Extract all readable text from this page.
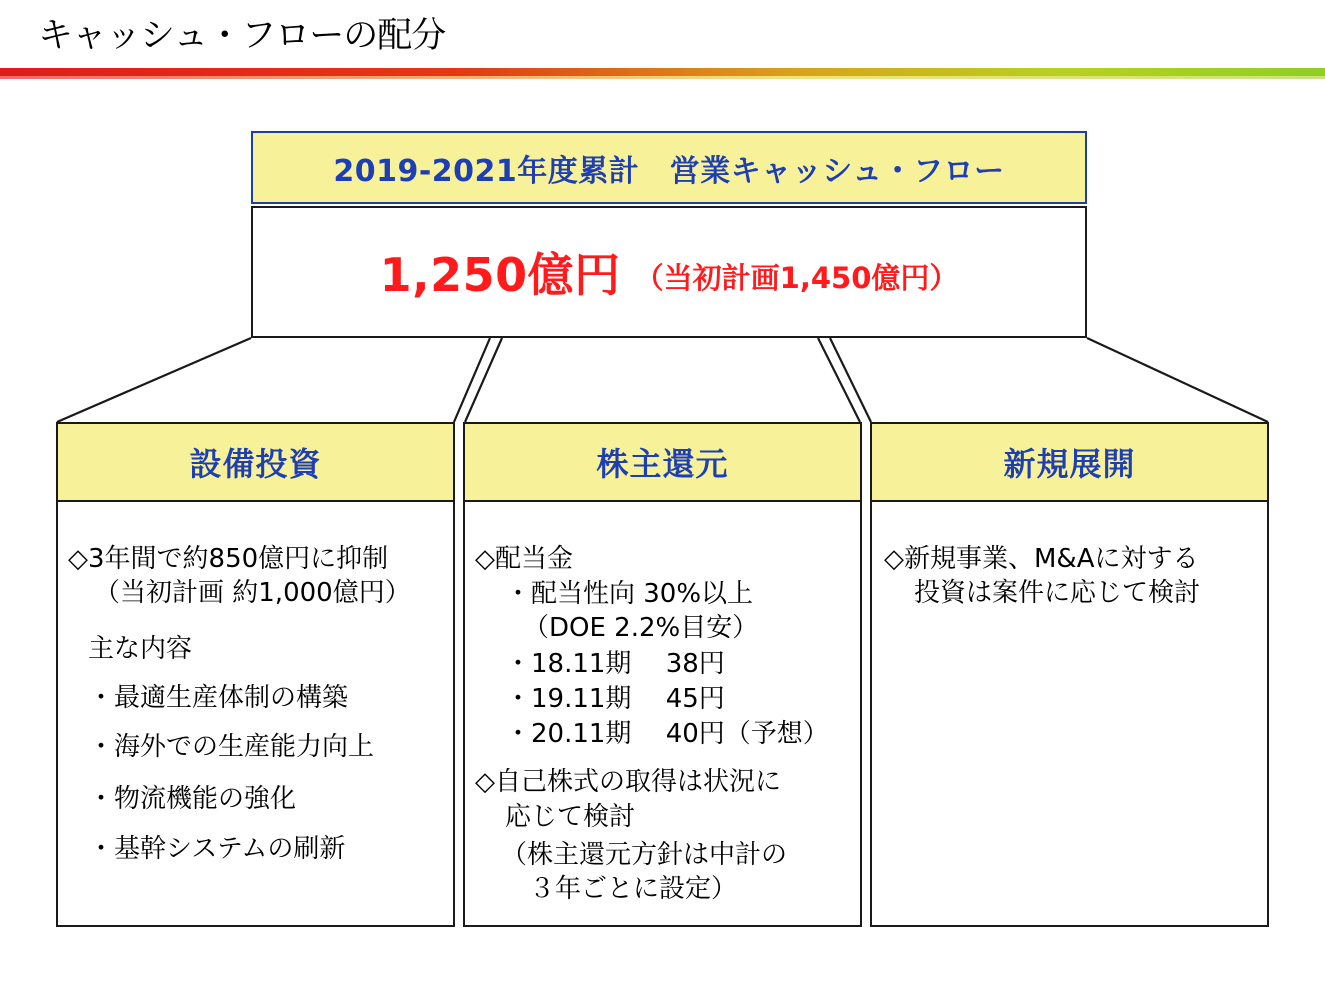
キャッシュ・フローの配分
2019-2021年度累計　営業キャッシュ・フロー
1,250億円 （当初計画1,450億円）
設備投資
◇3年間で約850億円に抑制
（当初計画 約1,000億円）
主な内容
・最適生産体制の構築
・海外での生産能力向上
・物流機能の強化
・基幹システムの刷新
株主還元
◇配当金
・配当性向 30%以上
（DOE 2.2%目安）
・18.11期　 38円
・19.11期　 45円
・20.11期　 40円（予想）
◇自己株式の取得は状況に
応じて検討
（株主還元方針は中計の
３年ごとに設定）
新規展開
◇新規事業、M&Aに対する
投資は案件に応じて検討
